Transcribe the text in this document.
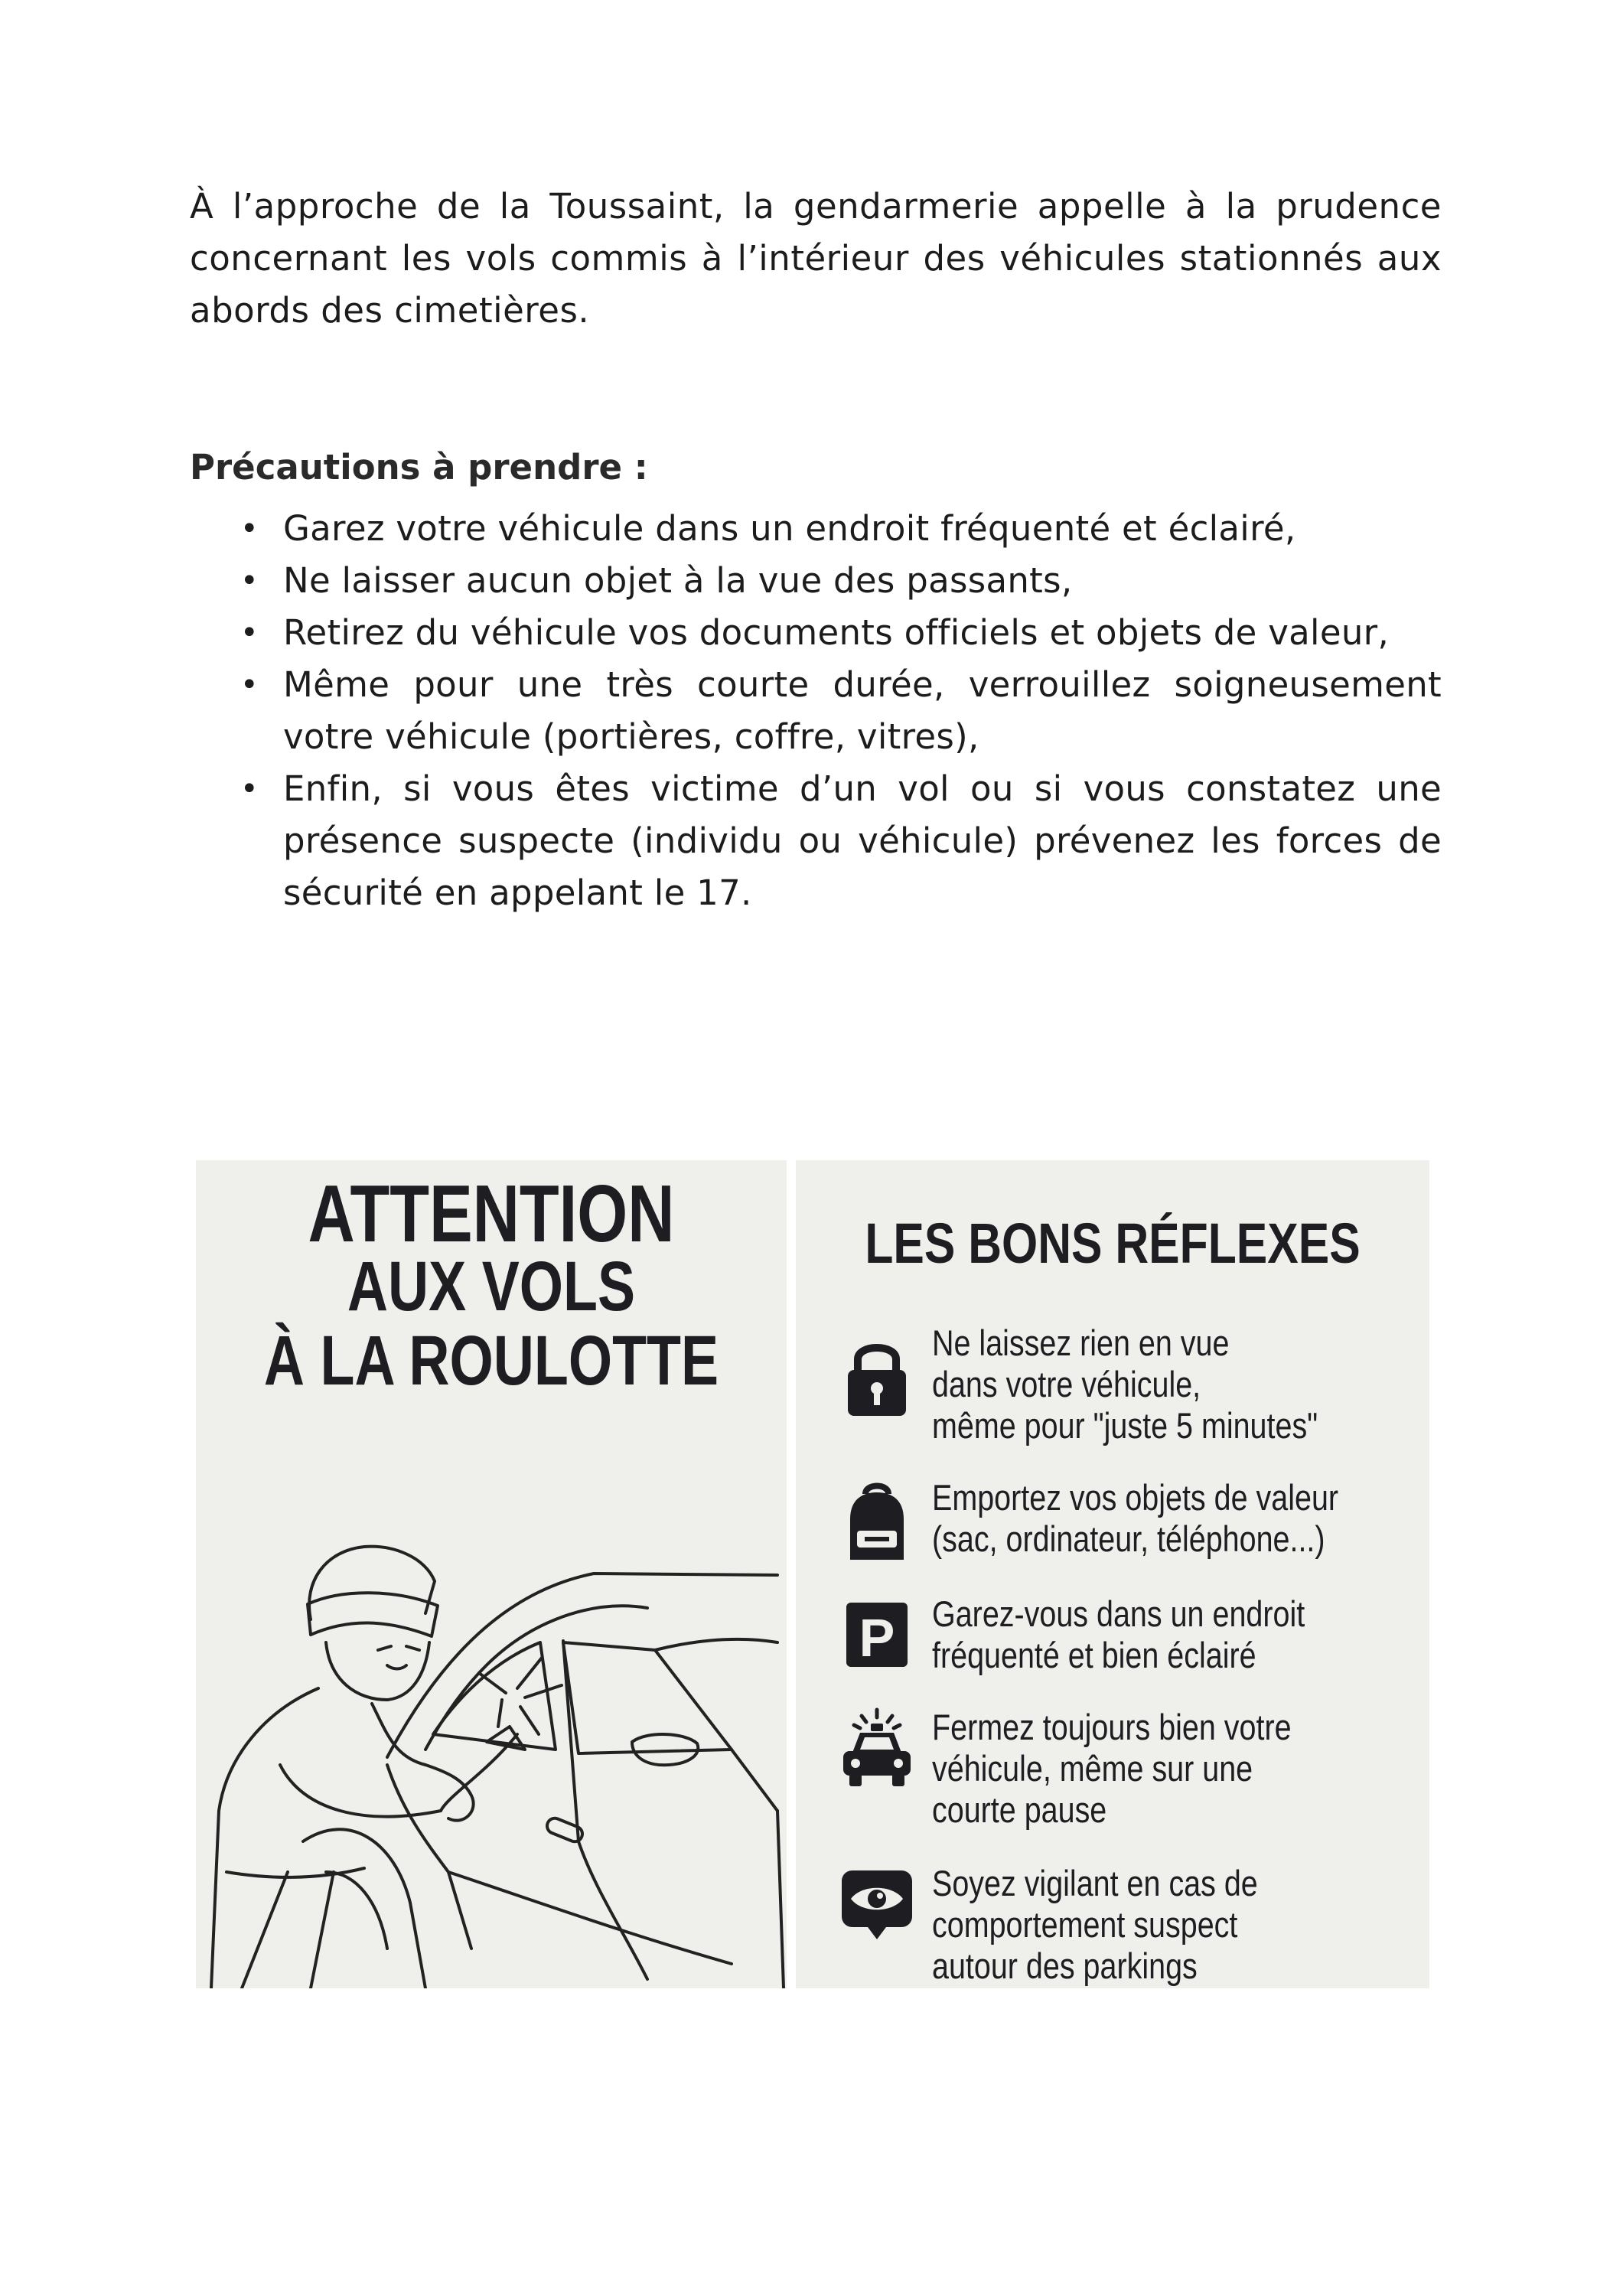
À l’approche de la Toussaint, la gendarmerie appelle à la prudence concernant les vols commis à l’intérieur des véhicules stationnés aux abords des cimetières.

Précautions à prendre :

• Garez votre véhicule dans un endroit fréquenté et éclairé,
• Ne laisser aucun objet à la vue des passants,
• Retirez du véhicule vos documents officiels et objets de valeur,
• Même pour une très courte durée, verrouillez soigneusement votre véhicule (portières, coffre, vitres),
• Enfin, si vous êtes victime d’un vol ou si vous constatez une présence suspecte (individu ou véhicule) prévenez les forces de sécurité en appelant le 17.
ATTENTION
AUX VOLS
À LA ROULOTTE
LES BONS RÉFLEXES
Ne laissez rien en vue
dans votre véhicule,
même pour "juste 5 minutes"
Emportez vos objets de valeur
(sac, ordinateur, téléphone...)
P Garez-vous dans un endroit
fréquenté et bien éclairé
Fermez toujours bien votre
véhicule, même sur une
courte pause
Soyez vigilant en cas de
comportement suspect
autour des parkings
